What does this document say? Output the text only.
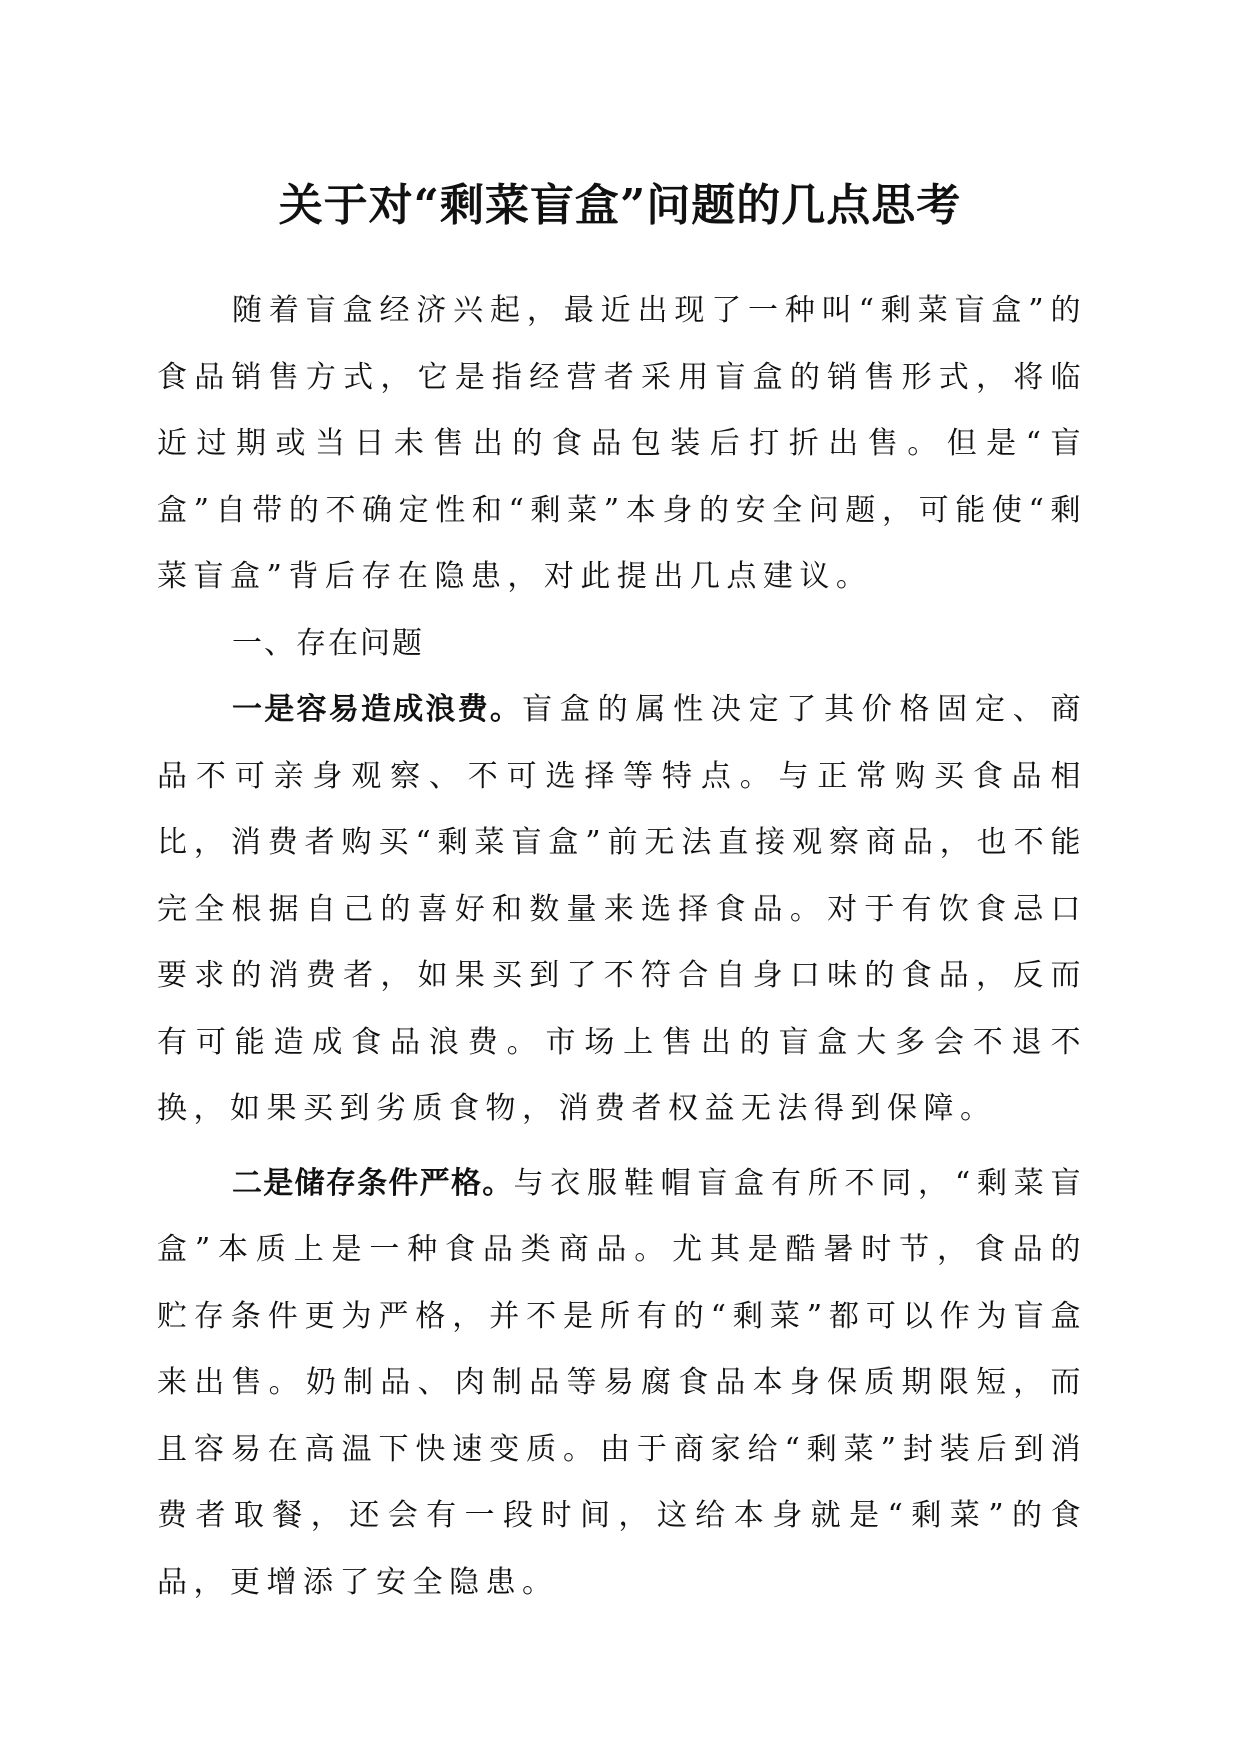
关于对“剩菜盲盒”问题的几点思考

随着盲盒经济兴起，最近出现了一种叫“剩菜盲盒”的食品销售方式，它是指经营者采用盲盒的销售形式，将临近过期或当日未售出的食品包装后打折出售。但是“盲盒”自带的不确定性和“剩菜”本身的安全问题，可能使“剩菜盲盒”背后存在隐患，对此提出几点建议。

一、存在问题

一是容易造成浪费。盲盒的属性决定了其价格固定、商品不可亲身观察、不可选择等特点。与正常购买食品相比，消费者购买“剩菜盲盒”前无法直接观察商品，也不能完全根据自己的喜好和数量来选择食品。对于有饮食忌口要求的消费者，如果买到了不符合自身口味的食品，反而有可能造成食品浪费。市场上售出的盲盒大多会不退不换，如果买到劣质食物，消费者权益无法得到保障。

二是储存条件严格。与衣服鞋帽盲盒有所不同，“剩菜盲盒”本质上是一种食品类商品。尤其是酷暑时节，食品的贮存条件更为严格，并不是所有的“剩菜”都可以作为盲盒来出售。奶制品、肉制品等易腐食品本身保质期限短，而且容易在高温下快速变质。由于商家给“剩菜”封装后到消费者取餐，还会有一段时间，这给本身就是“剩菜”的食品，更增添了安全隐患。
